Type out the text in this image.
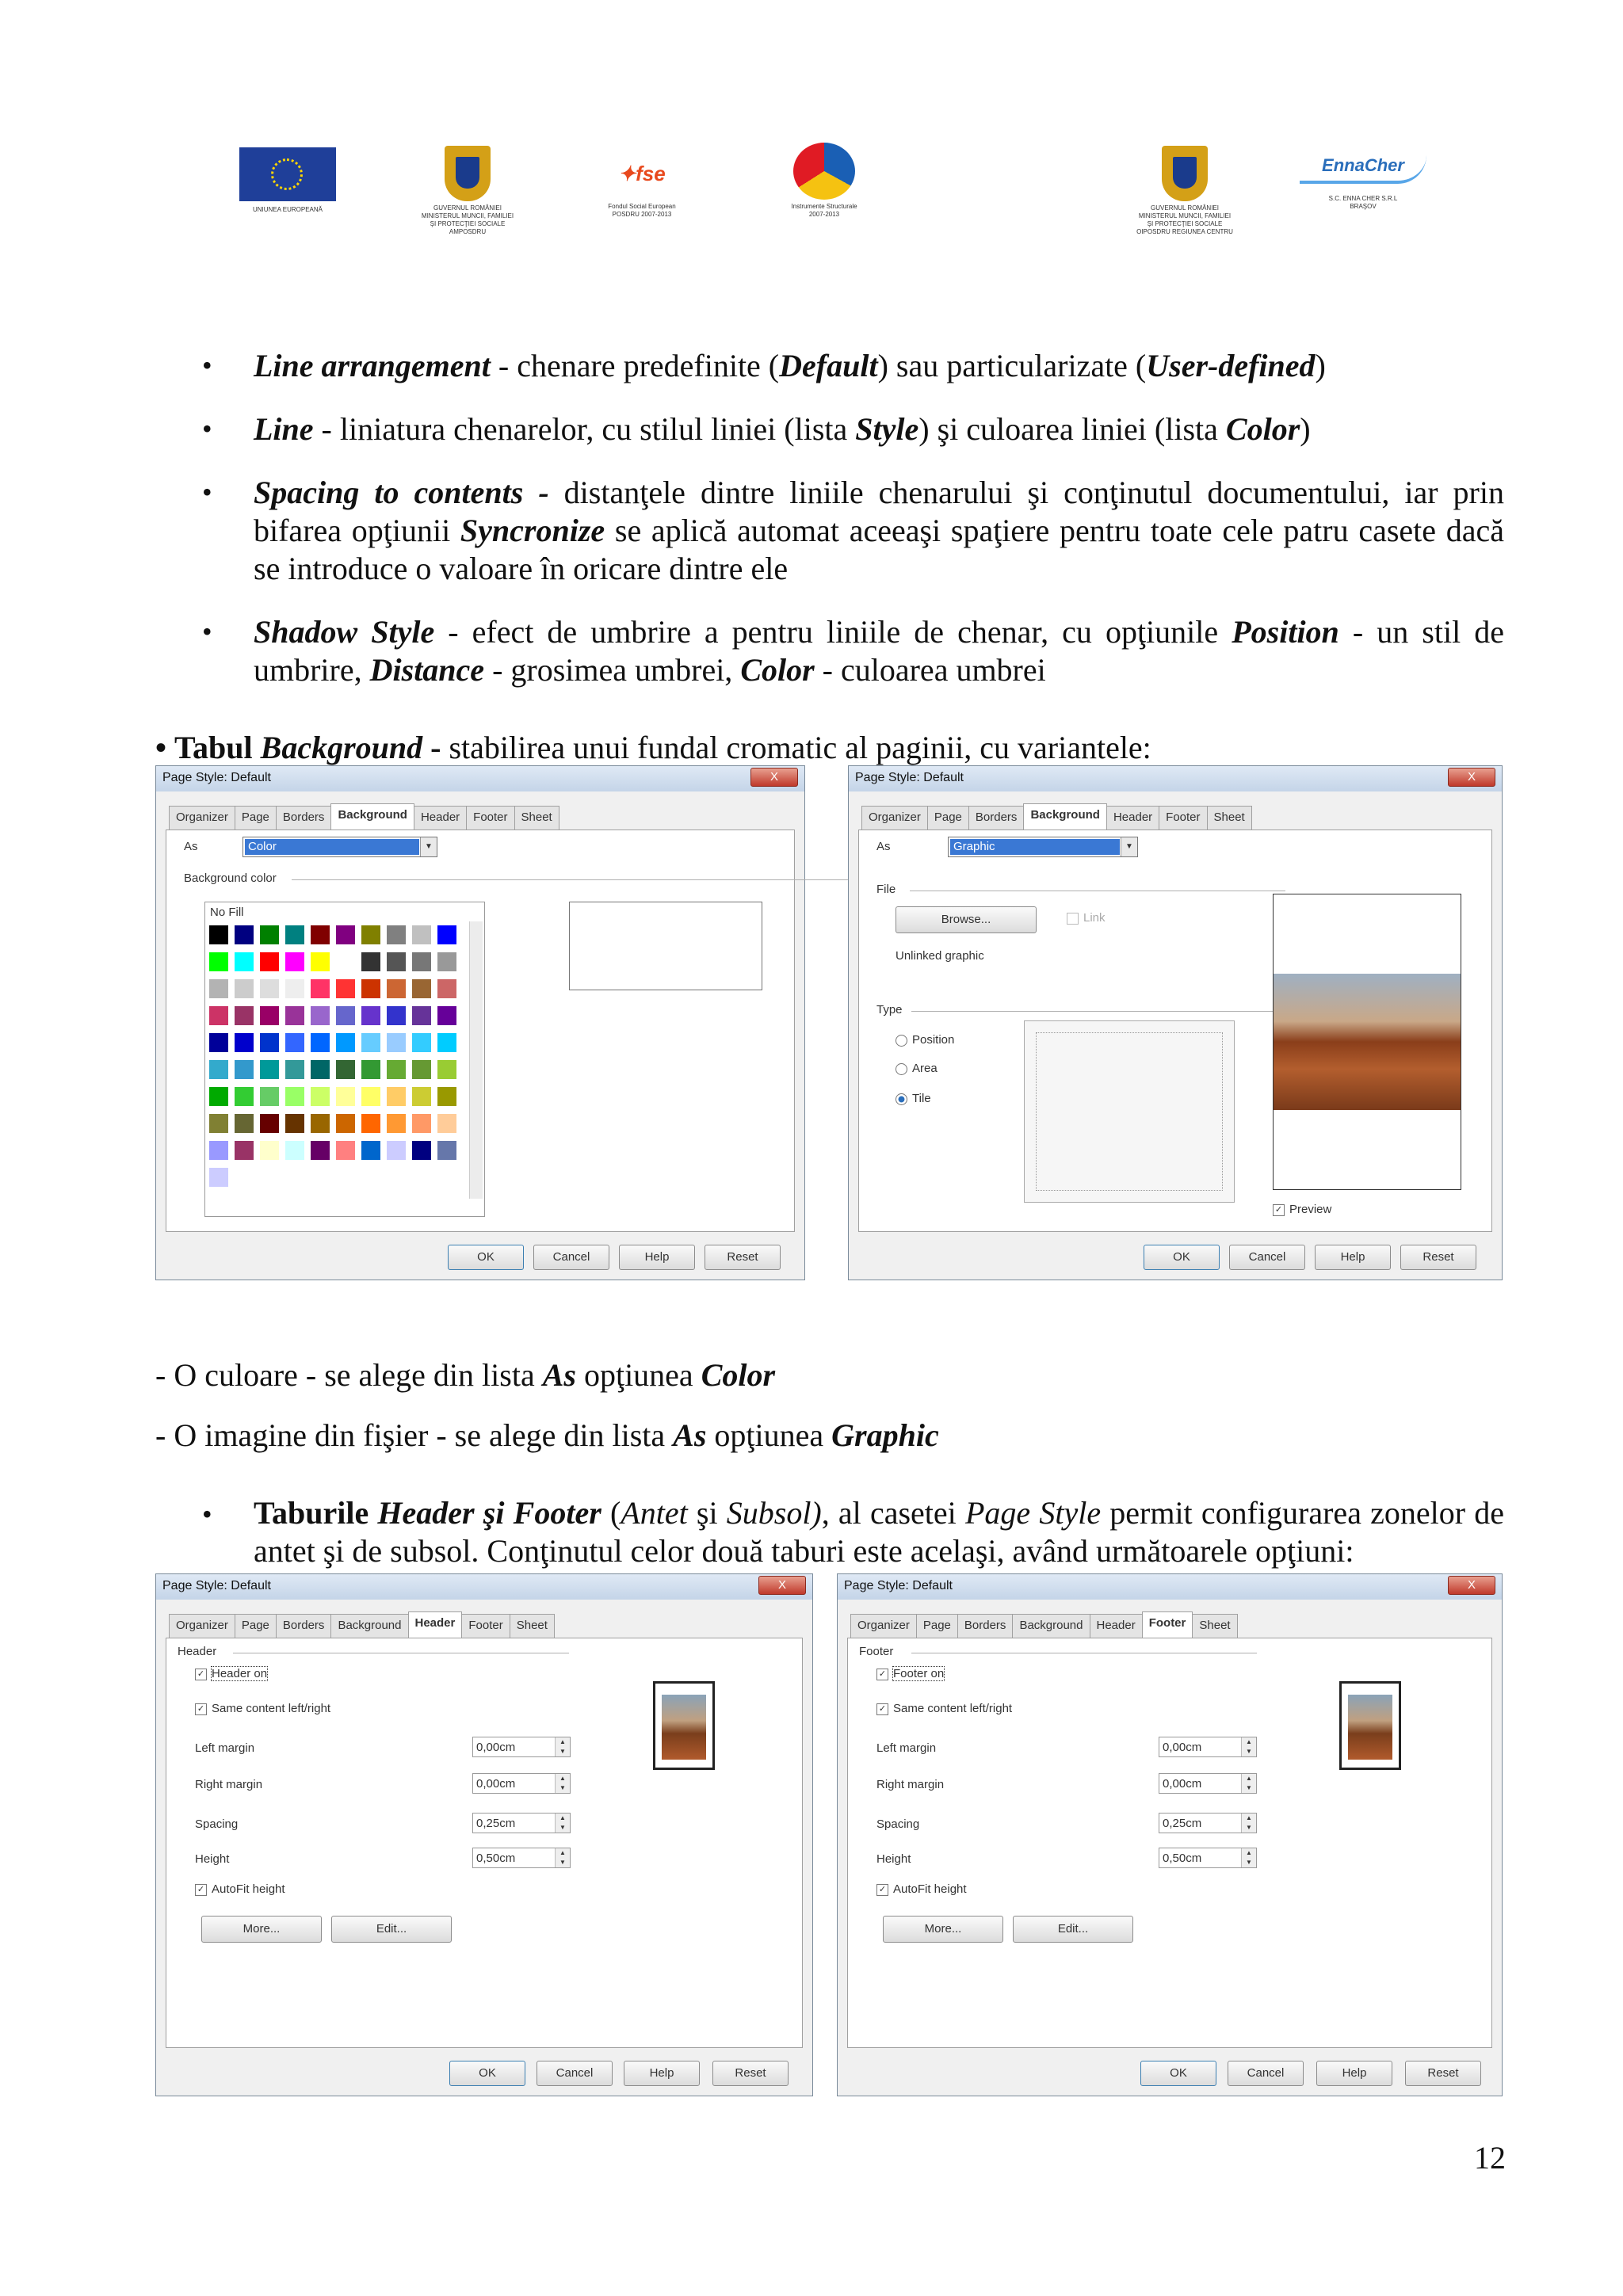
UNIUNEA EUROPEANĂ	GUVERNUL ROMÂNIEI
MINISTERUL MUNCII, FAMILIEI
ŞI PROTECŢIEI SOCIALE
AMPOSDRU
✦fse
Fondul Social European
POSDRU 2007-2013
Instrumente Structurale
2007-2013
GUVERNUL ROMÂNIEI
MINISTERUL MUNCII, FAMILIEI
ŞI PROTECŢIEI SOCIALE
OIPOSDRU REGIUNEA CENTRU
EnnaCher
S.C. ENNA CHER S.R.L
BRAŞOV
• Line arrangement - chenare predefinite (Default) sau particularizate (User-defined)
• Line - liniatura chenarelor, cu stilul liniei (lista Style) şi culoarea liniei (lista Color)
• Spacing to contents - distanţele dintre liniile chenarului şi conţinutul documentului, iar prin bifarea opţiunii Syncronize se aplică automat aceeaşi spaţiere pentru toate cele patru casete dacă se introduce o valoare în oricare dintre ele
• Shadow Style - efect de umbrire a pentru liniile de chenar, cu opţiunile Position - un stil de umbrire, Distance - grosimea umbrei, Color - culoarea umbrei
• Tabul Background - stabilirea unui fundal cromatic al paginii, cu variantele:
Page Style: Default	X
Organizer	Page	Borders	Background	Header	Footer	Sheet
As	Color	▼
Background color
No Fill
OK	Cancel	Help	Reset
Page Style: Default	X
Organizer	Page	Borders	Background	Header	Footer	Sheet
As	Graphic	▼
File
Browse...	Link
Unlinked graphic
Type
Position
Area
Tile
✓ Preview
OK	Cancel	Help	Reset
- O culoare - se alege din lista As opţiunea Color
- O imagine din fişier - se alege din lista As opţiunea Graphic
• Taburile Header şi Footer (Antet şi Subsol), al casetei Page Style permit configurarea zonelor de antet şi de subsol. Conţinutul celor două taburi este acelaşi, având următoarele opţiuni:
Page Style: Default	X
Organizer	Page	Borders	Background	Header	Footer	Sheet
Header
✓ Header on
✓ Same content left/right
Left margin	0,00cm	▲
▼
Right margin	0,00cm	▲
▼
Spacing	0,25cm	▲
▼
Height	0,50cm	▲
▼
✓ AutoFit height
More...	Edit...
OK	Cancel	Help	Reset
Page Style: Default	X
Organizer	Page	Borders	Background	Header	Footer	Sheet
Footer
✓ Footer on
✓ Same content left/right
Left margin	0,00cm	▲
▼
Right margin	0,00cm	▲
▼
Spacing	0,25cm	▲
▼
Height	0,50cm	▲
▼
✓ AutoFit height
More...	Edit...
OK	Cancel	Help	Reset
12
